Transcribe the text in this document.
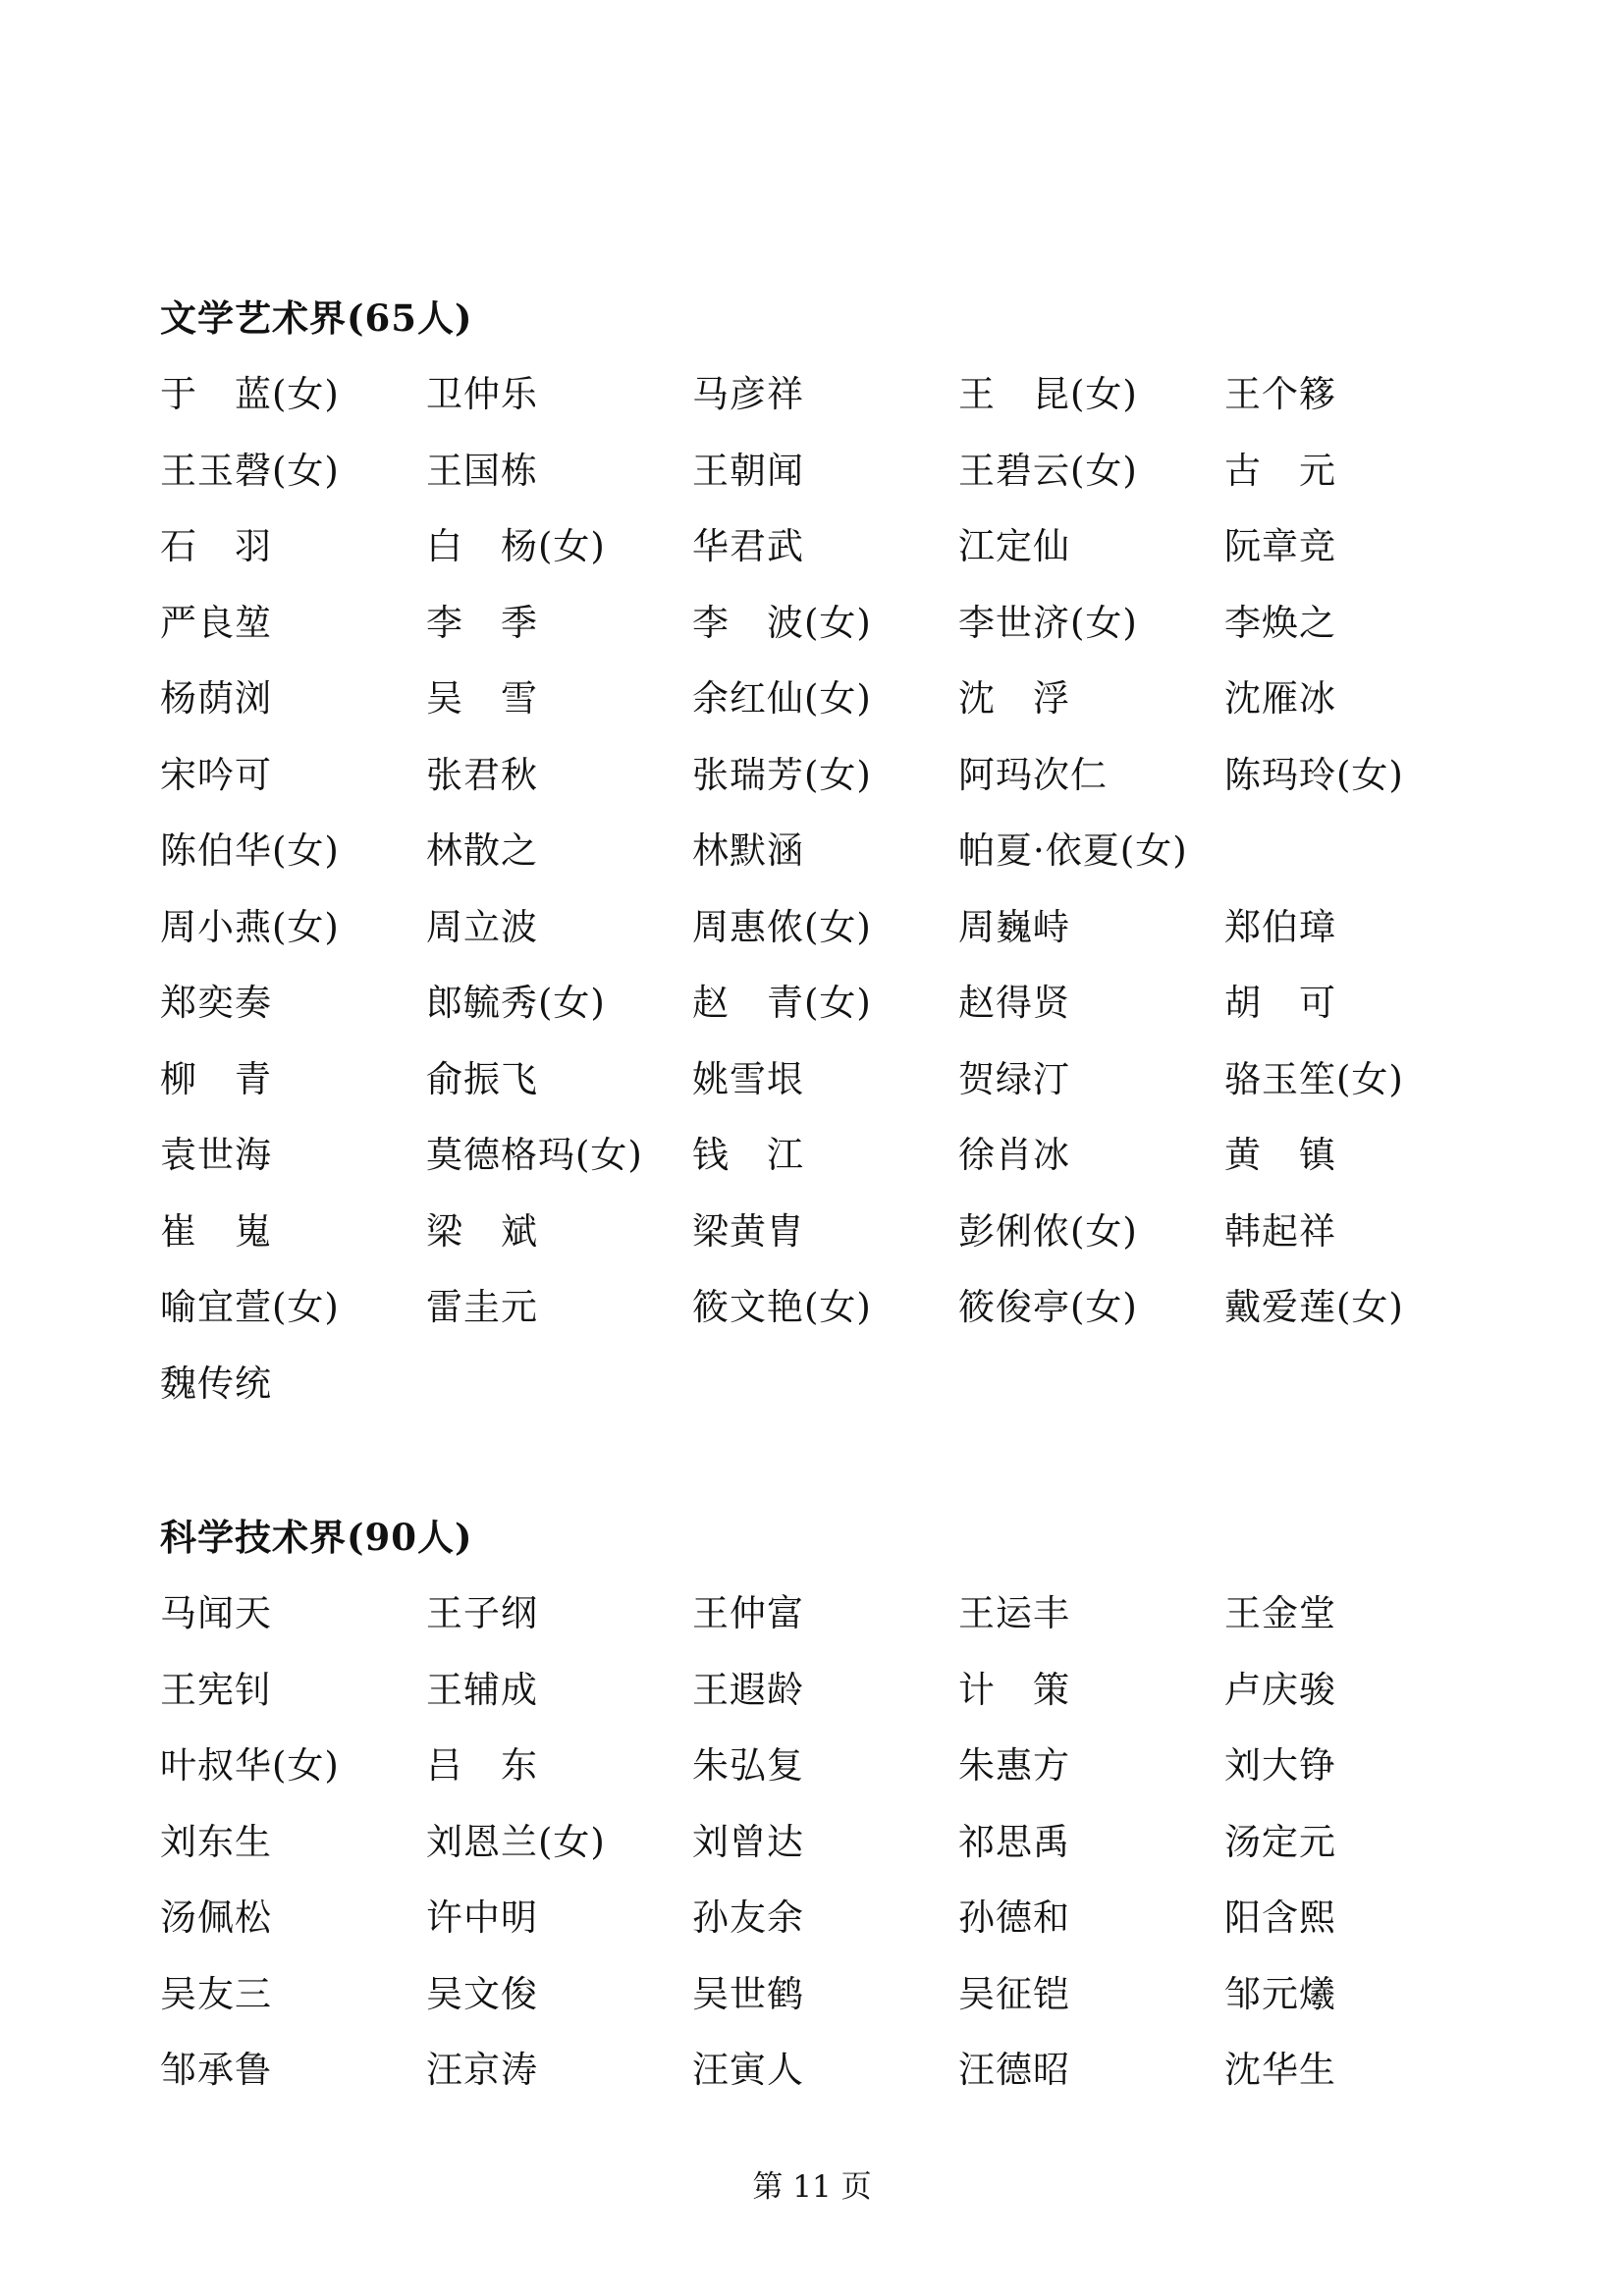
文学艺术界(65人)
于　蓝(女)	卫仲乐	马彦祥	王　昆(女)	王个簃
王玉磬(女)	王国栋	王朝闻	王碧云(女)	古　元
石　羽	白　杨(女)	华君武	江定仙	阮章竞
严良堃	李　季	李　波(女)	李世济(女)	李焕之
杨荫浏	吴　雪	余红仙(女)	沈　浮	沈雁冰
宋吟可	张君秋	张瑞芳(女)	阿玛次仁	陈玛玲(女)
陈伯华(女)	林散之	林默涵	帕夏·依夏(女)
周小燕(女)	周立波	周惠侬(女)	周巍峙	郑伯璋
郑奕奏	郎毓秀(女)	赵　青(女)	赵得贤	胡　可
柳　青	俞振飞	姚雪垠	贺绿汀	骆玉笙(女)
袁世海	莫德格玛(女)	钱　江	徐肖冰	黄　镇
崔　嵬	梁　斌	梁黄胄	彭俐侬(女)	韩起祥
喻宜萱(女)	雷圭元	筱文艳(女)	筱俊亭(女)	戴爱莲(女)
魏传统
科学技术界(90人)
马闻天	王子纲	王仲富	王运丰	王金堂
王宪钊	王辅成	王遐龄	计　策	卢庆骏
叶叔华(女)	吕　东	朱弘复	朱惠方	刘大铮
刘东生	刘恩兰(女)	刘曾达	祁思禹	汤定元
汤佩松	许中明	孙友余	孙德和	阳含熙
吴友三	吴文俊	吴世鹤	吴征铠	邹元爔
邹承鲁	汪京涛	汪寅人	汪德昭	沈华生
第 11 页
